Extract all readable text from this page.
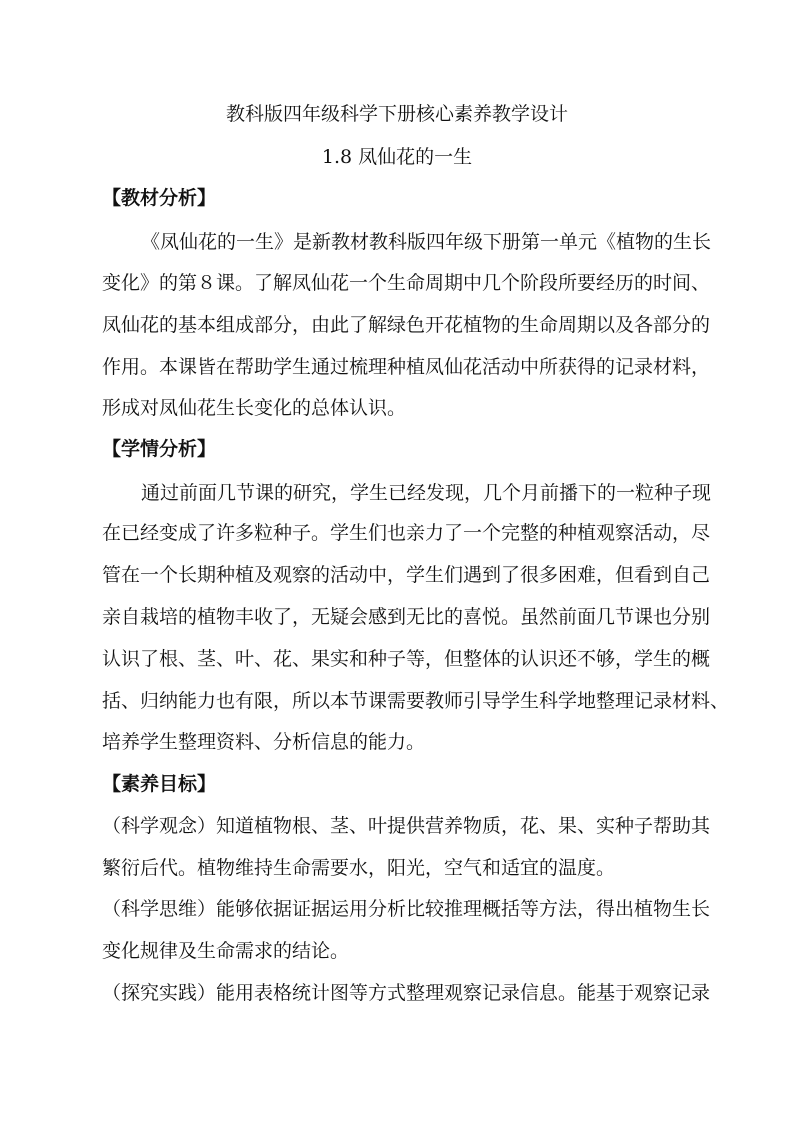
教科版四年级科学下册核心素养教学设计
1.8 凤仙花的一生
【教材分析】
《凤仙花的一生》是新教材教科版四年级下册第一单元《植物的生长
变化》的第８课。了解凤仙花一个生命周期中几个阶段所要经历的时间、
凤仙花的基本组成部分，由此了解绿色开花植物的生命周期以及各部分的
作用。本课皆在帮助学生通过梳理种植凤仙花活动中所获得的记录材料，
形成对凤仙花生长变化的总体认识。
【学情分析】
通过前面几节课的研究，学生已经发现，几个月前播下的一粒种子现
在已经变成了许多粒种子。学生们也亲力了一个完整的种植观察活动，尽
管在一个长期种植及观察的活动中，学生们遇到了很多困难，但看到自己
亲自栽培的植物丰收了，无疑会感到无比的喜悦。虽然前面几节课也分别
认识了根、茎、叶、花、果实和种子等，但整体的认识还不够，学生的概
括、归纳能力也有限，所以本节课需要教师引导学生科学地整理记录材料、
培养学生整理资料、分析信息的能力。
【素养目标】
（科学观念）知道植物根、茎、叶提供营养物质，花、果、实种子帮助其
繁衍后代。植物维持生命需要水，阳光，空气和适宜的温度。
（科学思维）能够依据证据运用分析比较推理概括等方法，得出植物生长
变化规律及生命需求的结论。
（探究实践）能用表格统计图等方式整理观察记录信息。能基于观察记录
